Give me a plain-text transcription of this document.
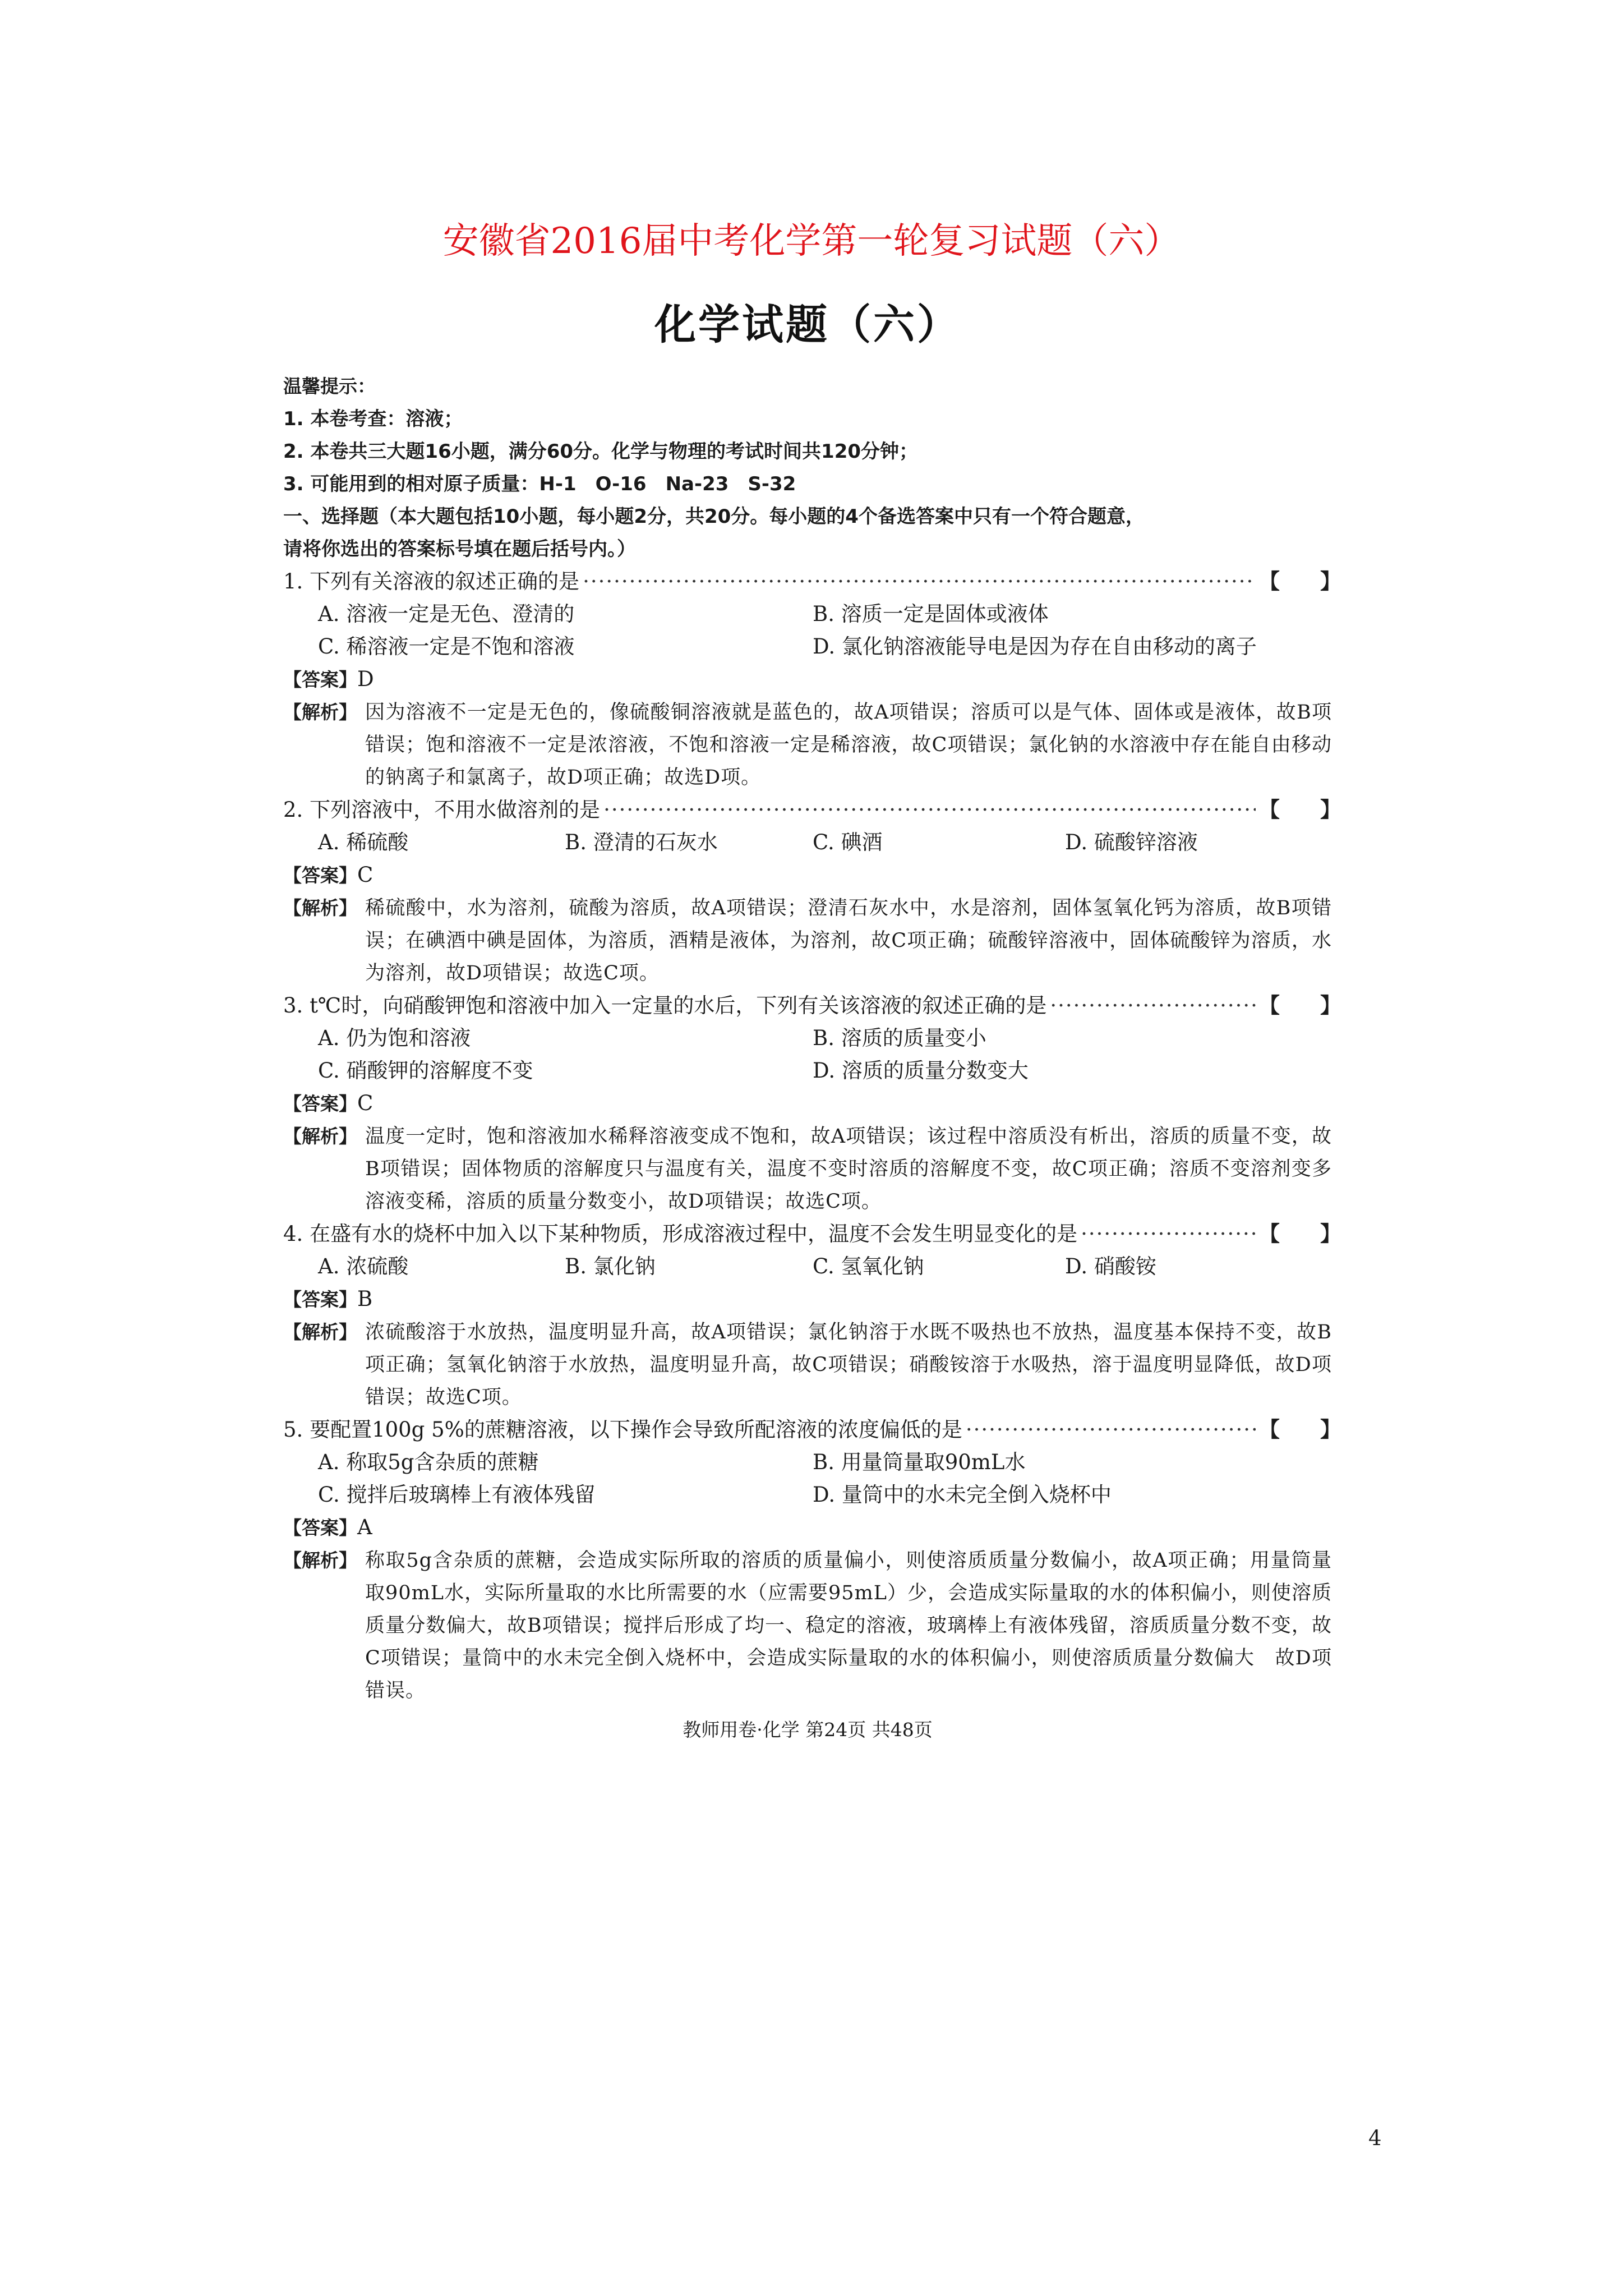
安徽省2016届中考化学第一轮复习试题（六）
化学试题（六）
温馨提示：
1. 本卷考查：溶液；
2. 本卷共三大题16小题，满分60分。化学与物理的考试时间共120分钟；
3. 可能用到的相对原子质量：H-1　O-16　Na-23　S-32
一、选择题（本大题包括10小题，每小题2分，共20分。每小题的4个备选答案中只有一个符合题意，
请将你选出的答案标号填在题后括号内。）
1. 下列有关溶液的叙述正确的是 ·····	【 】
A. 溶液一定是无色、澄清的	B. 溶质一定是固体或液体
C. 稀溶液一定是不饱和溶液	D. 氯化钠溶液能导电是因为存在自由移动的离子
【答案】D
【解析】 因为溶液不一定是无色的，像硫酸铜溶液就是蓝色的，故A项错误；溶质可以是气体、固体或是液体，故B项错误；饱和溶液不一定是浓溶液，不饱和溶液一定是稀溶液，故C项错误；氯化钠的水溶液中存在能自由移动的钠离子和氯离子，故D项正确；故选D项。
2. 下列溶液中，不用水做溶剂的是 ·····	【 】
A. 稀硫酸	B. 澄清的石灰水	C. 碘酒	D. 硫酸锌溶液
【答案】C
【解析】 稀硫酸中，水为溶剂，硫酸为溶质，故A项错误；澄清石灰水中，水是溶剂，固体氢氧化钙为溶质，故B项错误；在碘酒中碘是固体，为溶质，酒精是液体，为溶剂，故C项正确；硫酸锌溶液中，固体硫酸锌为溶质，水为溶剂，故D项错误；故选C项。
3. t℃时，向硝酸钾饱和溶液中加入一定量的水后，下列有关该溶液的叙述正确的是 ·····	【 】
A. 仍为饱和溶液	B. 溶质的质量变小
C. 硝酸钾的溶解度不变	D. 溶质的质量分数变大
【答案】C
【解析】 温度一定时，饱和溶液加水稀释溶液变成不饱和，故A项错误；该过程中溶质没有析出，溶质的质量不变，故B项错误；固体物质的溶解度只与温度有关，温度不变时溶质的溶解度不变，故C项正确；溶质不变溶剂变多溶液变稀，溶质的质量分数变小，故D项错误；故选C项。
4. 在盛有水的烧杯中加入以下某种物质，形成溶液过程中，温度不会发生明显变化的是 ·····	【 】
A. 浓硫酸	B. 氯化钠	C. 氢氧化钠	D. 硝酸铵
【答案】B
【解析】 浓硫酸溶于水放热，温度明显升高，故A项错误；氯化钠溶于水既不吸热也不放热，温度基本保持不变，故B项正确；氢氧化钠溶于水放热，温度明显升高，故C项错误；硝酸铵溶于水吸热，溶于温度明显降低，故D项错误；故选C项。
5. 要配置100g 5%的蔗糖溶液，以下操作会导致所配溶液的浓度偏低的是 ·····	【 】
A. 称取5g含杂质的蔗糖	B. 用量筒量取90mL水
C. 搅拌后玻璃棒上有液体残留	D. 量筒中的水未完全倒入烧杯中
【答案】A
【解析】 称取5g含杂质的蔗糖，会造成实际所取的溶质的质量偏小，则使溶质质量分数偏小，故A项正确；用量筒量取90mL水，实际所量取的水比所需要的水（应需要95mL）少，会造成实际量取的水的体积偏小，则使溶质质量分数偏大，故B项错误；搅拌后形成了均一、稳定的溶液，玻璃棒上有液体残留，溶质质量分数不变，故C项错误；量筒中的水未完全倒入烧杯中，会造成实际量取的水的体积偏小，则使溶质质量分数偏大　故D项错误。
教师用卷·化学 第24页 共48页
4
